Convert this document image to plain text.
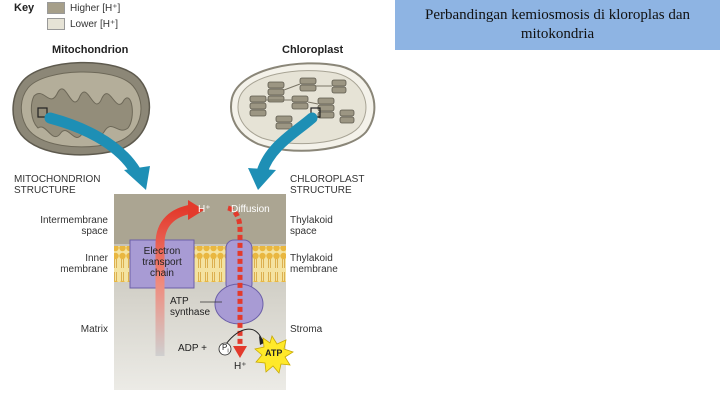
Key	Higher [H⁺]
Lower [H⁺]
Mitochondrion	Chloroplast
Perbandingan kemiosmosis di kloroplas dan mitokondria
MITOCHONDRION
STRUCTURE
Intermembrane
space
Inner
membrane
Matrix
CHLOROPLAST
STRUCTURE
Thylakoid
space
Thylakoid
membrane
Stroma
H⁺ Diffusion
Electron
transport
chain
ATP
synthase
ADP + $P_i$	ATP
H⁺
